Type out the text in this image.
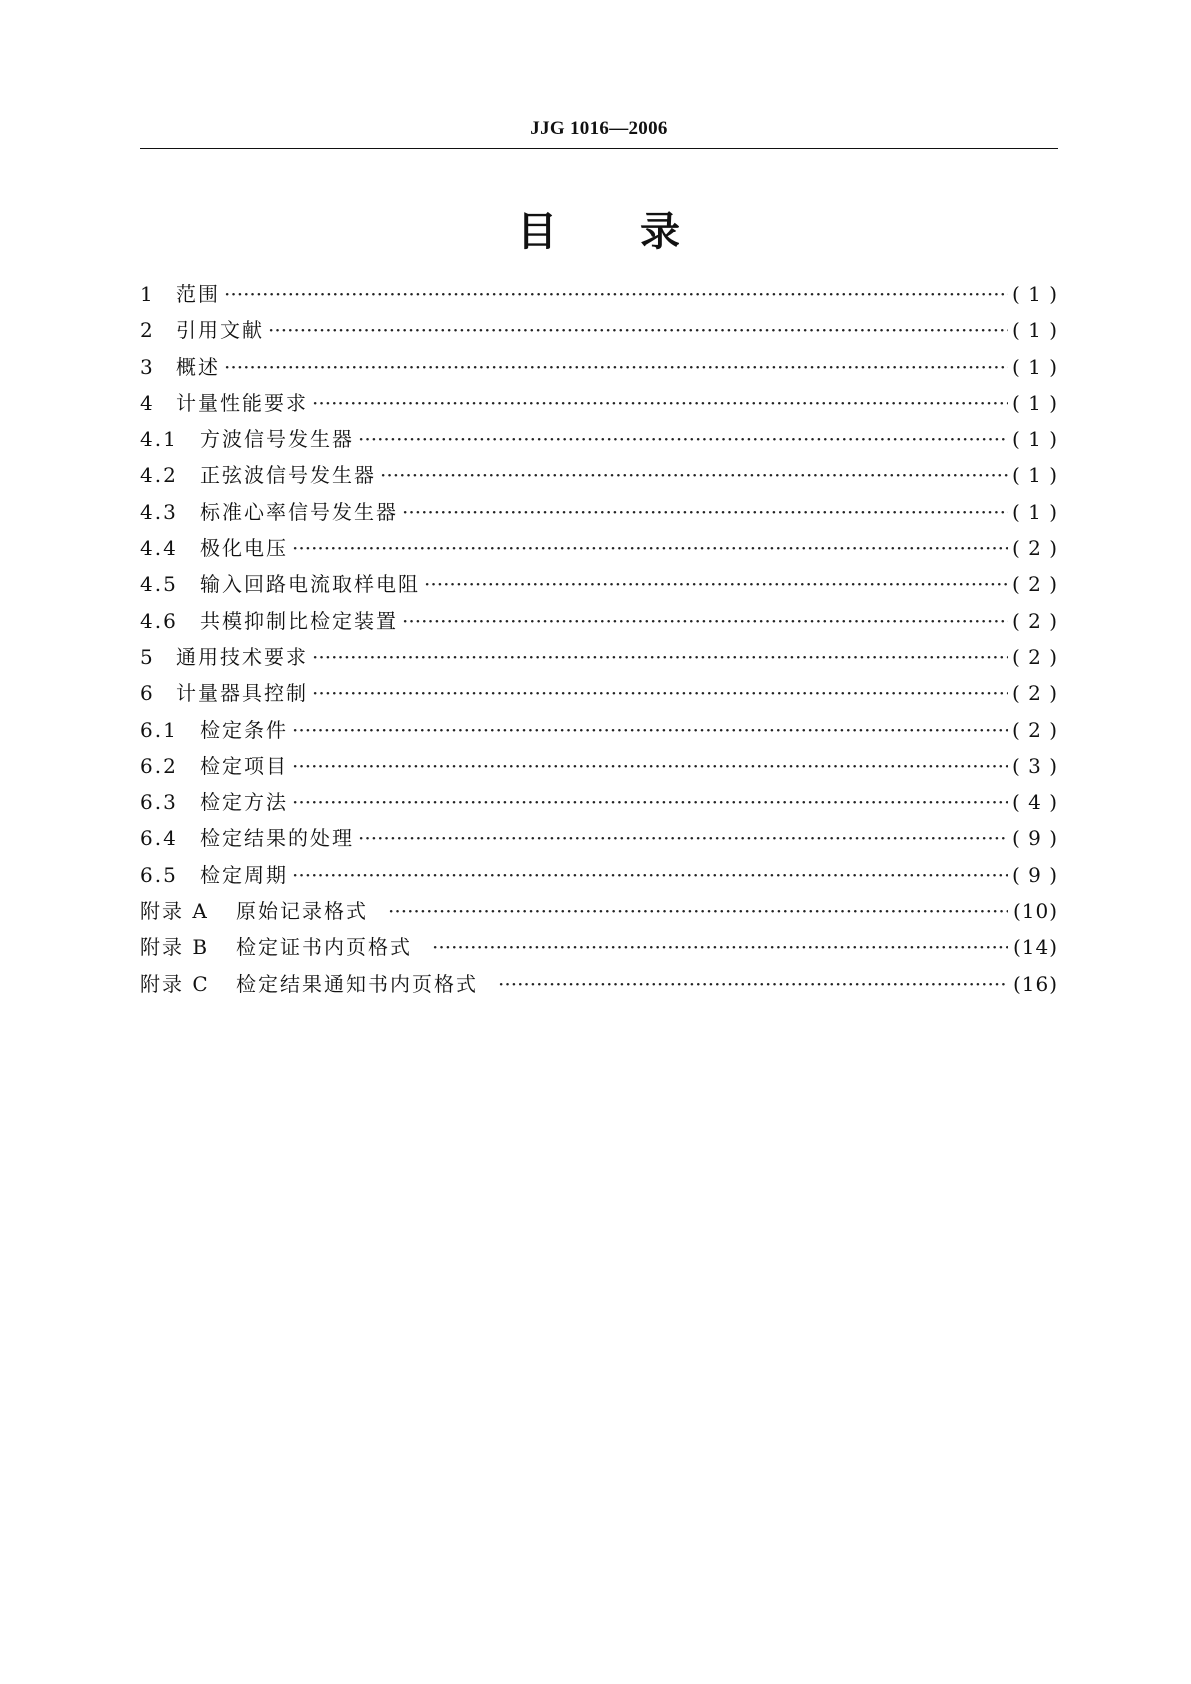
JJG 1016—2006
目 录
1	范围 ·····	( 1 )
2	引用文献 ·····	( 1 )
3	概述 ·····	( 1 )
4	计量性能要求 ·····	( 1 )
4.1	方波信号发生器 ·····	( 1 )
4.2	正弦波信号发生器 ·····	( 1 )
4.3	标准心率信号发生器 ·····	( 1 )
4.4	极化电压 ·····	( 2 )
4.5	输入回路电流取样电阻 ·····	( 2 )
4.6	共模抑制比检定装置 ·····	( 2 )
5	通用技术要求 ·····	( 2 )
6	计量器具控制 ·····	( 2 )
6.1	检定条件 ·····	( 2 )
6.2	检定项目 ·····	( 3 )
6.3	检定方法 ·····	( 4 )
6.4	检定结果的处理 ·····	( 9 )
6.5	检定周期 ·····	( 9 )
附录 A	原始记录格式 ·····	(10)
附录 B	检定证书内页格式 ·····	(14)
附录 C	检定结果通知书内页格式 ·····	(16)
